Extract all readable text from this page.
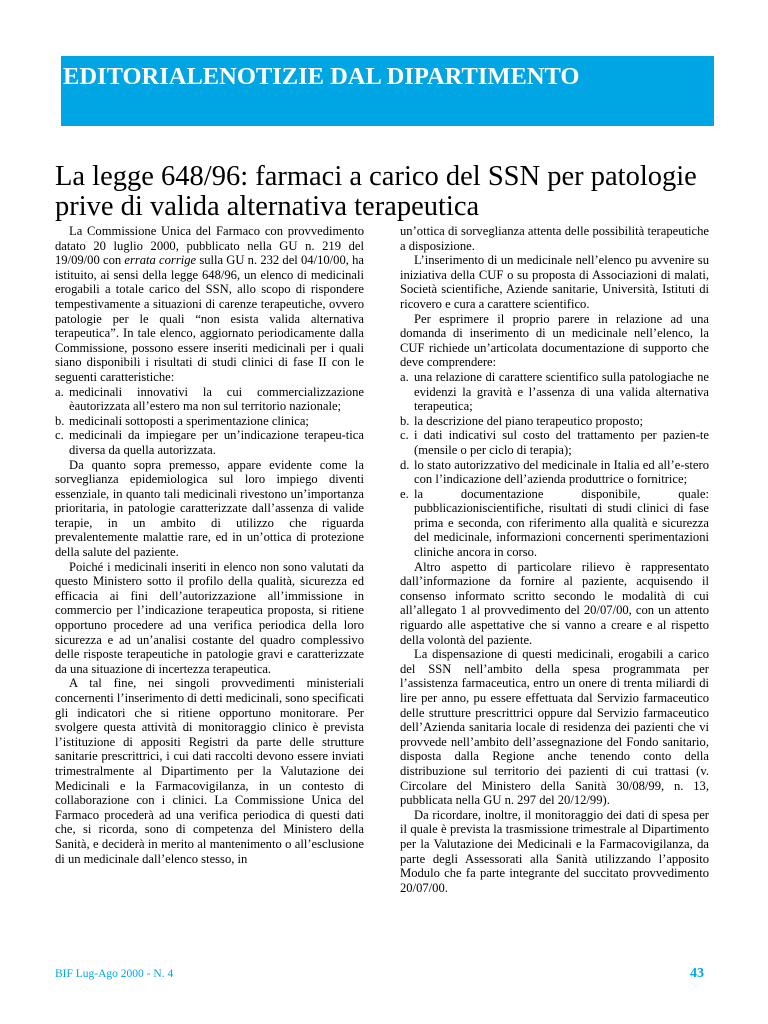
EDITORIALENOTIZIE DAL DIPARTIMENTO
La legge 648/96: farmaci a carico del SSN per patologie prive di valida alternativa terapeutica

La Commissione Unica del Farmaco con provvedimento datato 20 luglio 2000, pubblicato nella GU n. 219 del 19/09/00 con errata corrige sulla GU n. 232 del 04/10/00, ha istituito, ai sensi della legge 648/96, un elenco di medicinali erogabili a totale carico del SSN, allo scopo di rispondere tempestivamente a situazioni di carenze terapeutiche, ovvero patologie per le quali “non esista valida alternativa terapeutica”. In tale elenco, aggiornato periodicamente dalla Commissione, possono essere inseriti medicinali per i quali siano disponibili i risultati di studi clinici di fase II con le seguenti caratteristiche:

a. medicinali innovativi la cui commercializzazione èautorizzata all’estero ma non sul territorio nazionale;
b. medicinali sottoposti a sperimentazione clinica;
c. medicinali da impiegare per un’indicazione terapeu-tica diversa da quella autorizzata.

Da quanto sopra premesso, appare evidente come la sorveglianza epidemiologica sul loro impiego diventi essenziale, in quanto tali medicinali rivestono un’importanza prioritaria, in patologie caratterizzate dall’assenza di valide terapie, in un ambito di utilizzo che riguarda prevalentemente malattie rare, ed in un’ottica di protezione della salute del paziente.

Poiché i medicinali inseriti in elenco non sono valutati da questo Ministero sotto il profilo della qualità, sicurezza ed efficacia ai fini dell’autorizzazione all’immissione in commercio per l’indicazione terapeutica proposta, si ritiene opportuno procedere ad una verifica periodica della loro sicurezza e ad un’analisi costante del quadro complessivo delle risposte terapeutiche in patologie gravi e caratterizzate da una situazione di incertezza terapeutica.

A tal fine, nei singoli provvedimenti ministeriali concernenti l’inserimento di detti medicinali, sono specificati gli indicatori che si ritiene opportuno monitorare. Per svolgere questa attività di monitoraggio clinico è prevista l’istituzione di appositi Registri da parte delle strutture sanitarie prescrittrici, i cui dati raccolti devono essere inviati trimestralmente al Dipartimento per la Valutazione dei Medicinali e la Farmacovigilanza, in un contesto di collaborazione con i clinici. La Commissione Unica del Farmaco procederà ad una verifica periodica di questi dati che, si ricorda, sono di competenza del Ministero della Sanità, e deciderà in merito al mantenimento o all’esclusione di un medicinale dall’elenco stesso, in

un’ottica di sorveglianza attenta delle possibilità terapeutiche a disposizione.

L’inserimento di un medicinale nell’elenco pu avvenire su iniziativa della CUF o su proposta di Associazioni di malati, Società scientifiche, Aziende sanitarie, Università, Istituti di ricovero e cura a carattere scientifico.

Per esprimere il proprio parere in relazione ad una domanda di inserimento di un medicinale nell’elenco, la CUF richiede un’articolata documentazione di supporto che deve comprendere:

a. una relazione di carattere scientifico sulla patologiache ne evidenzi la gravità e l’assenza di una valida alternativa terapeutica;
b. la descrizione del piano terapeutico proposto;
c. i dati indicativi sul costo del trattamento per pazien-te (mensile o per ciclo di terapia);
d. lo stato autorizzativo del medicinale in Italia ed all’e-stero con l’indicazione dell’azienda produttrice o fornitrice;
e. la documentazione disponibile, quale: pubblicazioniscientifiche, risultati di studi clinici di fase prima e seconda, con riferimento alla qualità e sicurezza del medicinale, informazioni concernenti sperimentazioni cliniche ancora in corso.

Altro aspetto di particolare rilievo è rappresentato dall’informazione da fornire al paziente, acquisendo il consenso informato scritto secondo le modalità di cui all’allegato 1 al provvedimento del 20/07/00, con un attento riguardo alle aspettative che si vanno a creare e al rispetto della volontà del paziente.

La dispensazione di questi medicinali, erogabili a carico del SSN nell’ambito della spesa programmata per l’assistenza farmaceutica, entro un onere di trenta miliardi di lire per anno, pu essere effettuata dal Servizio farmaceutico delle strutture prescrittrici oppure dal Servizio farmaceutico dell’Azienda sanitaria locale di residenza dei pazienti che vi provvede nell’ambito dell’assegnazione del Fondo sanitario, disposta dalla Regione anche tenendo conto della distribuzione sul territorio dei pazienti di cui trattasi (v. Circolare del Ministero della Sanità 30/08/99, n. 13, pubblicata nella GU n. 297 del 20/12/99).

Da ricordare, inoltre, il monitoraggio dei dati di spesa per il quale è prevista la trasmissione trimestrale al Dipartimento per la Valutazione dei Medicinali e la Farmacovigilanza, da parte degli Assessorati alla Sanità utilizzando l’apposito Modulo che fa parte integrante del succitato provvedimento 20/07/00.

BIF Lug-Ago 2000 - N. 4	43
